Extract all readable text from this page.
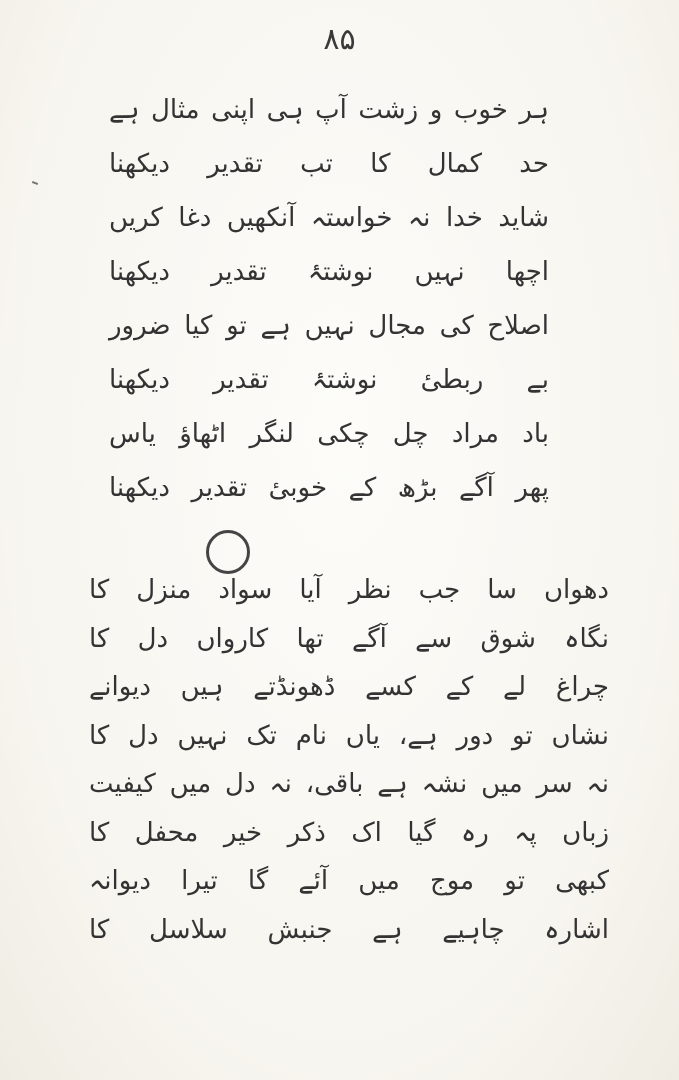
۸۵
ہر خوب و زشت آپ ہی اپنی مثال ہے
حد کمال کا تب تقدیر دیکھنا
شاید خدا نہ خواستہ آنکھیں دغا کریں
اچھا نہیں نوشتۂ تقدیر دیکھنا
اصلاح کی مجال نہیں ہے تو کیا ضرور
بے ربطیٔ نوشتۂ تقدیر دیکھنا
باد مراد چل چکی لنگر اٹھاؤ یاس
پھر آگے بڑھ کے خوبیٔ تقدیر دیکھنا
دھواں سا جب نظر آیا سواد منزل کا
نگاہ شوق سے آگے تھا کارواں دل کا
چراغ لے کے کسے ڈھونڈتے ہیں دیوانے
نشاں تو دور ہے، یاں نام تک نہیں دل کا
نہ سر میں نشہ ہے باقی، نہ دل میں کیفیت
زباں پہ رہ گیا اک ذکر خیر محفل کا
کبھی تو موج میں آئے گا تیرا دیوانہ
اشارہ چاہیے ہے جنبش سلاسل کا
